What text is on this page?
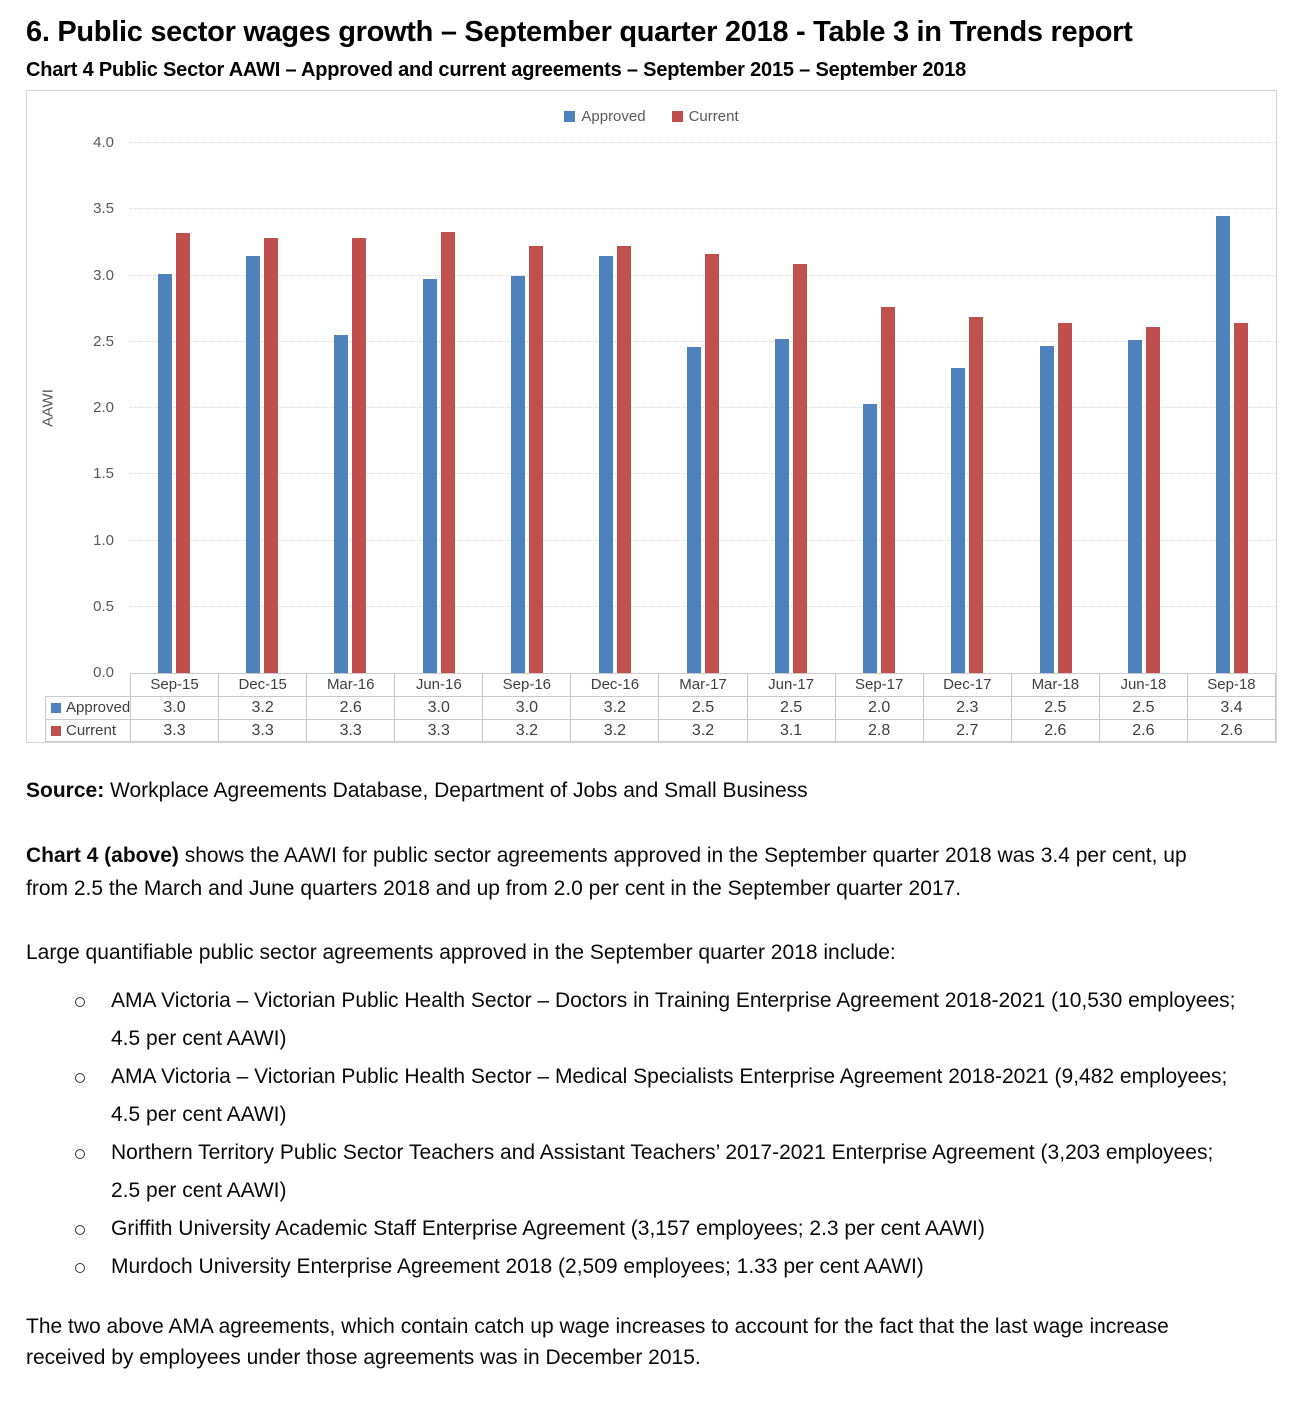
6. Public sector wages growth – September quarter 2018 - Table 3 in Trends report
Chart 4 Public Sector AAWI – Approved and current agreements – September 2015 – September 2018
Approved	Current
AAWI
0.0
0.5
1.0
1.5
2.0
2.5
3.0
3.5
4.0
Sep-15	Dec-15	Mar-16	Jun-16	Sep-16	Dec-16	Mar-17	Jun-17	Sep-17	Dec-17	Mar-18	Jun-18	Sep-18
Approved	3.0	3.2	2.6	3.0	3.0	3.2	2.5	2.5	2.0	2.3	2.5	2.5	3.4
Current	3.3	3.3	3.3	3.3	3.2	3.2	3.2	3.1	2.8	2.7	2.6	2.6	2.6

Source: Workplace Agreements Database, Department of Jobs and Small Business

Chart 4 (above) shows the AAWI for public sector agreements approved in the September quarter 2018 was 3.4 per cent, up from 2.5 the March and June quarters 2018 and up from 2.0 per cent in the September quarter 2017.

Large quantifiable public sector agreements approved in the September quarter 2018 include:

AMA Victoria – Victorian Public Health Sector – Doctors in Training Enterprise Agreement 2018-2021 (10,530 employees; 4.5 per cent AAWI)
AMA Victoria – Victorian Public Health Sector – Medical Specialists Enterprise Agreement 2018-2021 (9,482 employees; 4.5 per cent AAWI)
Northern Territory Public Sector Teachers and Assistant Teachers’ 2017-2021 Enterprise Agreement (3,203 employees; 2.5 per cent AAWI)
Griffith University Academic Staff Enterprise Agreement (3,157 employees; 2.3 per cent AAWI)
Murdoch University Enterprise Agreement 2018 (2,509 employees; 1.33 per cent AAWI)

The two above AMA agreements, which contain catch up wage increases to account for the fact that the last wage increase received by employees under those agreements was in December 2015.
